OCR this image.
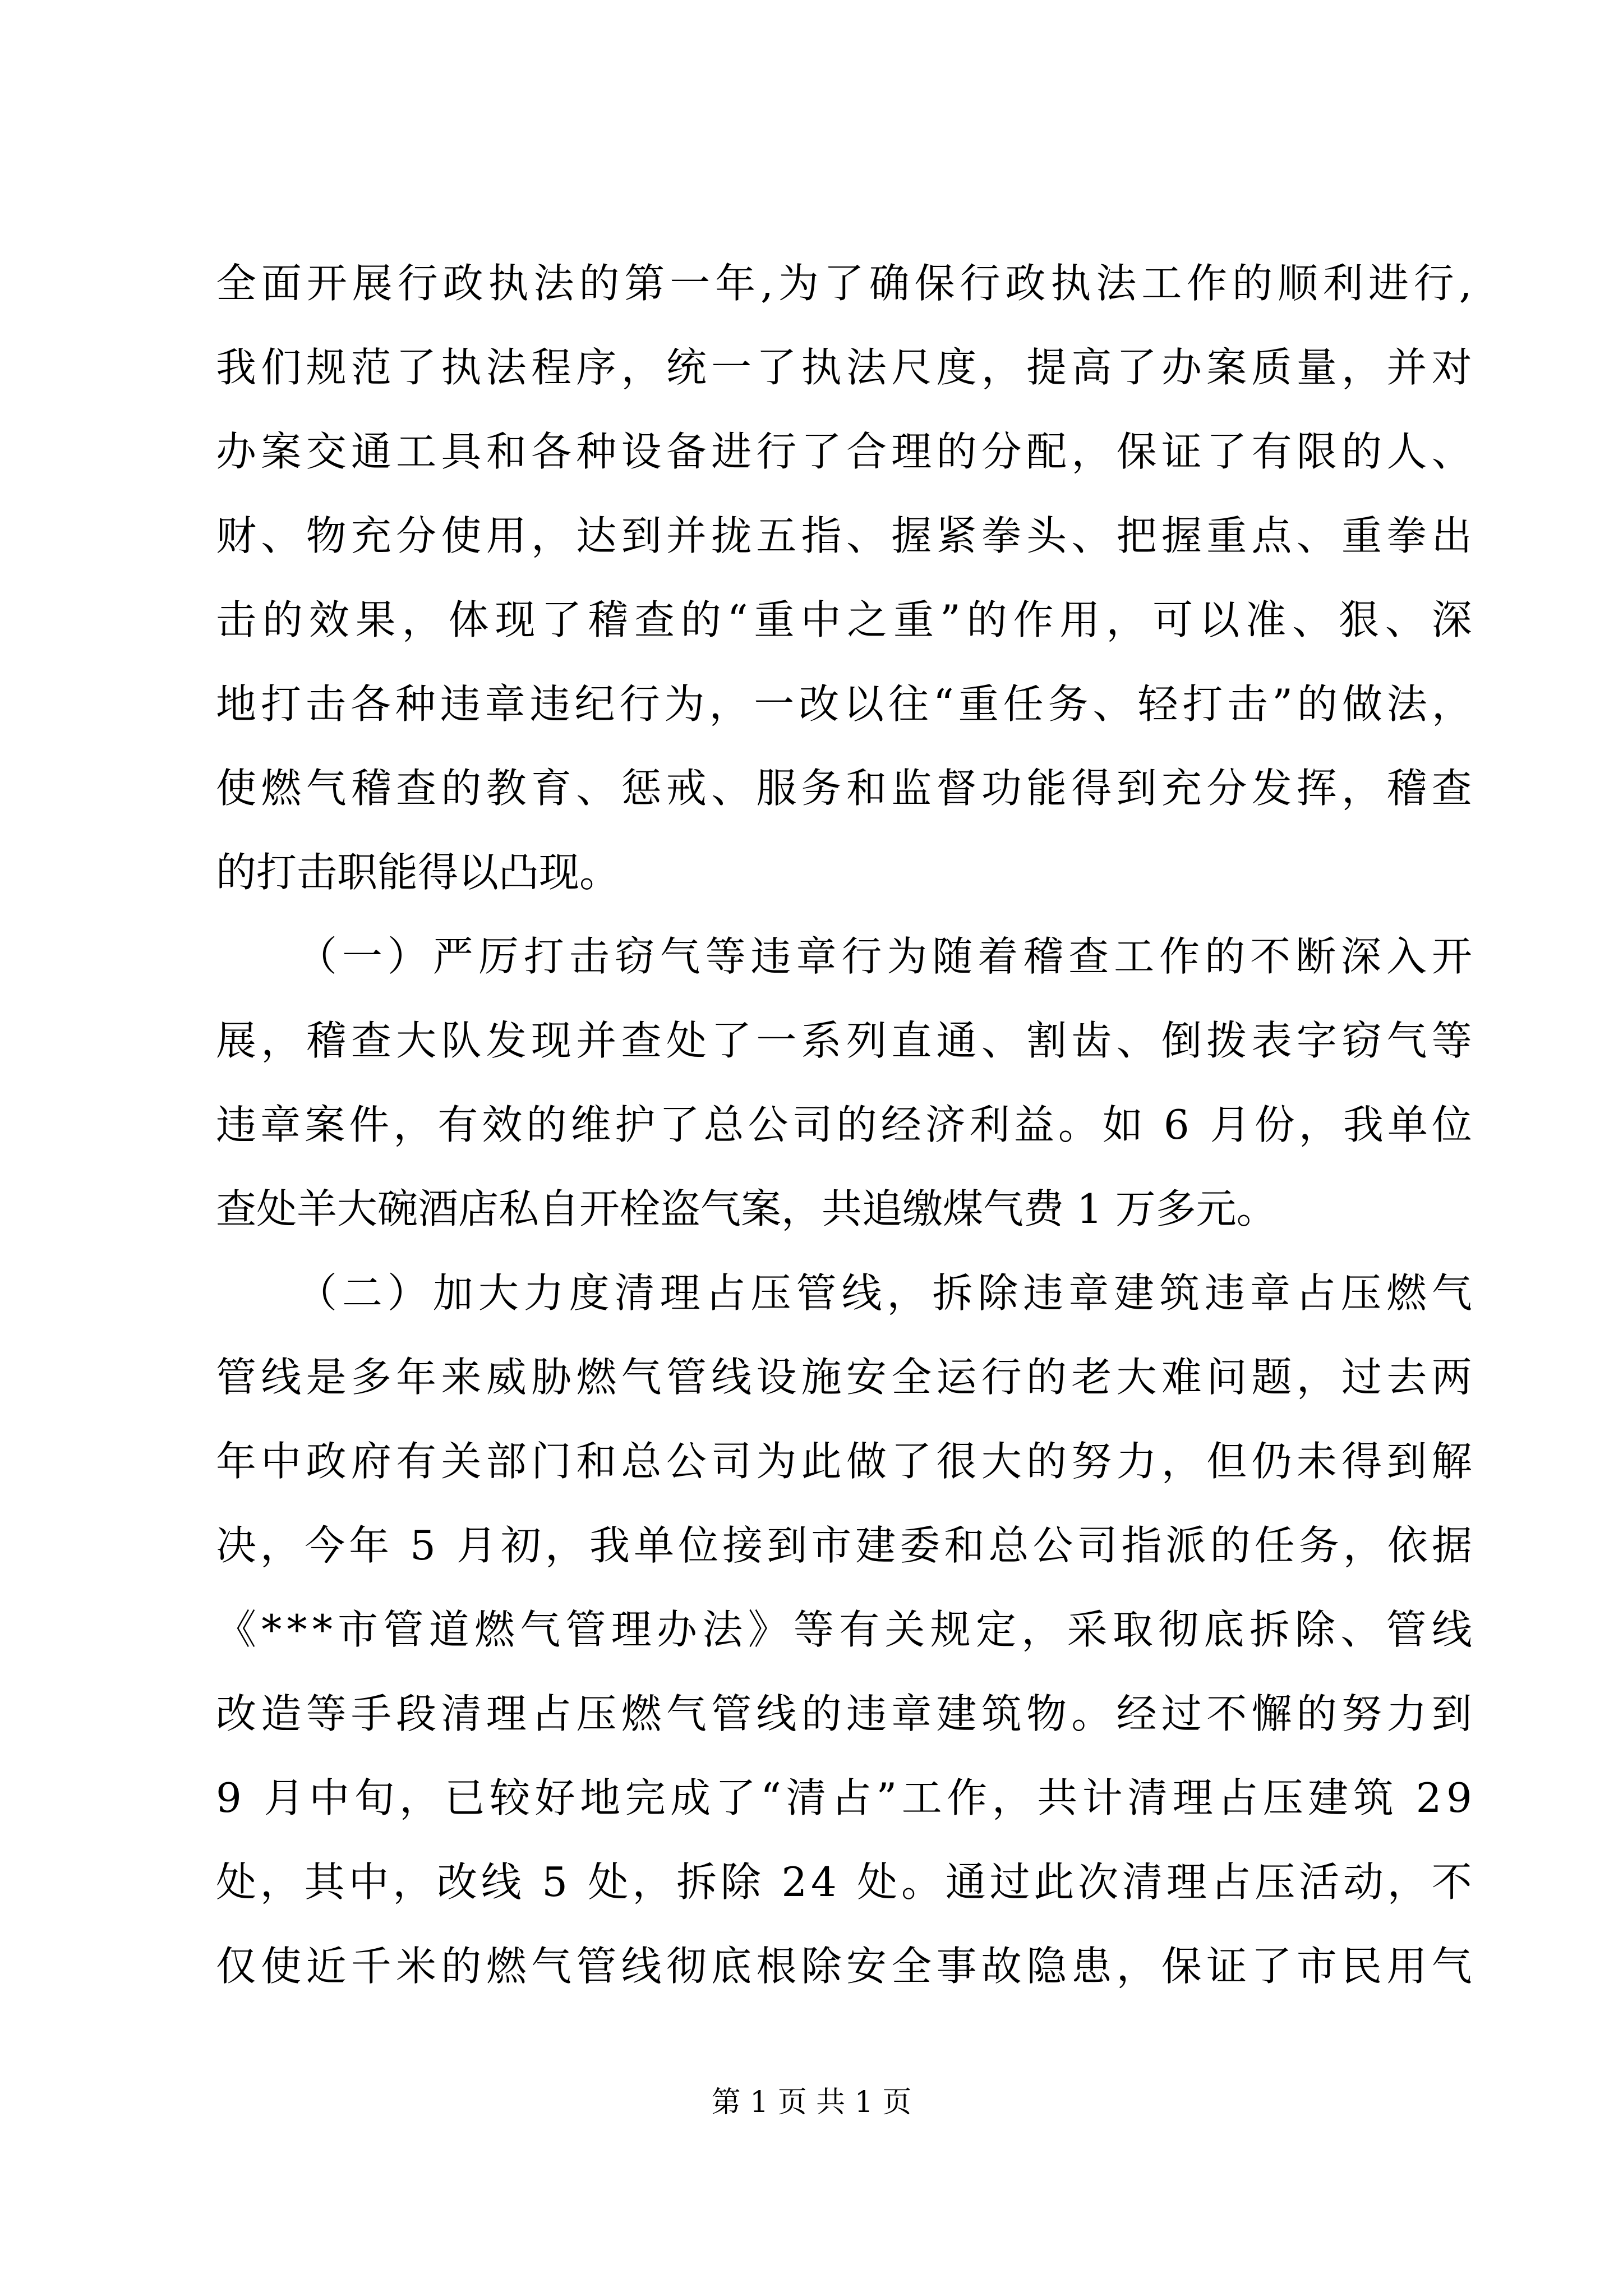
全 面 开 展 行 政 执 法 的 第 一 年 , 为 了 确 保 行 政 执 法 工 作 的 顺 利 进 行 ,
我 们 规 范 了 执 法 程 序 ， 统 一 了 执 法 尺 度 ， 提 高 了 办 案 质 量 ， 并 对
办 案 交 通 工 具 和 各 种 设 备 进 行 了 合 理 的 分 配 ， 保 证 了 有 限 的 人 、
财 、 物 充 分 使 用 ， 达 到 并 拢 五 指 、 握 紧 拳 头 、 把 握 重 点 、 重 拳 出
击 的 效 果 ， 体 现 了 稽 查 的 “ 重 中 之 重 ” 的 作 用 ， 可 以 准 、 狠 、 深
地 打 击 各 种 违 章 违 纪 行 为 ， 一 改 以 往 “ 重 任 务 、 轻 打 击 ” 的 做 法 ，
使 燃 气 稽 查 的 教 育 、 惩 戒 、 服 务 和 监 督 功 能 得 到 充 分 发 挥 ， 稽 查
的打击职能得以凸现。
（ 一 ） 严 厉 打 击 窃 气 等 违 章 行 为 随 着 稽 查 工 作 的 不 断 深 入 开
展 ， 稽 查 大 队 发 现 并 查 处 了 一 系 列 直 通 、 割 齿 、 倒 拨 表 字 窃 气 等
违 章 案 件 ， 有 效 的 维 护 了 总 公 司 的 经 济 利 益 。 如
6
月 份 ， 我 单 位
查处羊大碗酒店私自开栓盗气案，共追缴煤气费 1 万多元。
（ 二 ） 加 大 力 度 清 理 占 压 管 线 ， 拆 除 违 章 建 筑 违 章 占 压 燃 气
管 线 是 多 年 来 威 胁 燃 气 管 线 设 施 安 全 运 行 的 老 大 难 问 题 ， 过 去 两
年 中 政 府 有 关 部 门 和 总 公 司 为 此 做 了 很 大 的 努 力 ， 但 仍 未 得 到 解
决 ， 今 年
5
月 初 ， 我 单 位 接 到 市 建 委 和 总 公 司 指 派 的 任 务 ， 依 据
《 * * * 市 管 道 燃 气 管 理 办 法 》 等 有 关 规 定 ， 采 取 彻 底 拆 除 、 管 线
改 造 等 手 段 清 理 占 压 燃 气 管 线 的 违 章 建 筑 物 。 经 过 不 懈 的 努 力 到
9
月 中 旬 ， 已 较 好 地 完 成 了 “ 清 占 ” 工 作 ， 共 计 清 理 占 压 建 筑
2 9
处 ， 其 中 ， 改 线
5
处 ， 拆 除
2 4
处 。 通 过 此 次 清 理 占 压 活 动 ， 不
仅 使 近 千 米 的 燃 气 管 线 彻 底 根 除 安 全 事 故 隐 患 ， 保 证 了 市 民 用 气
第 1 页 共 1 页
